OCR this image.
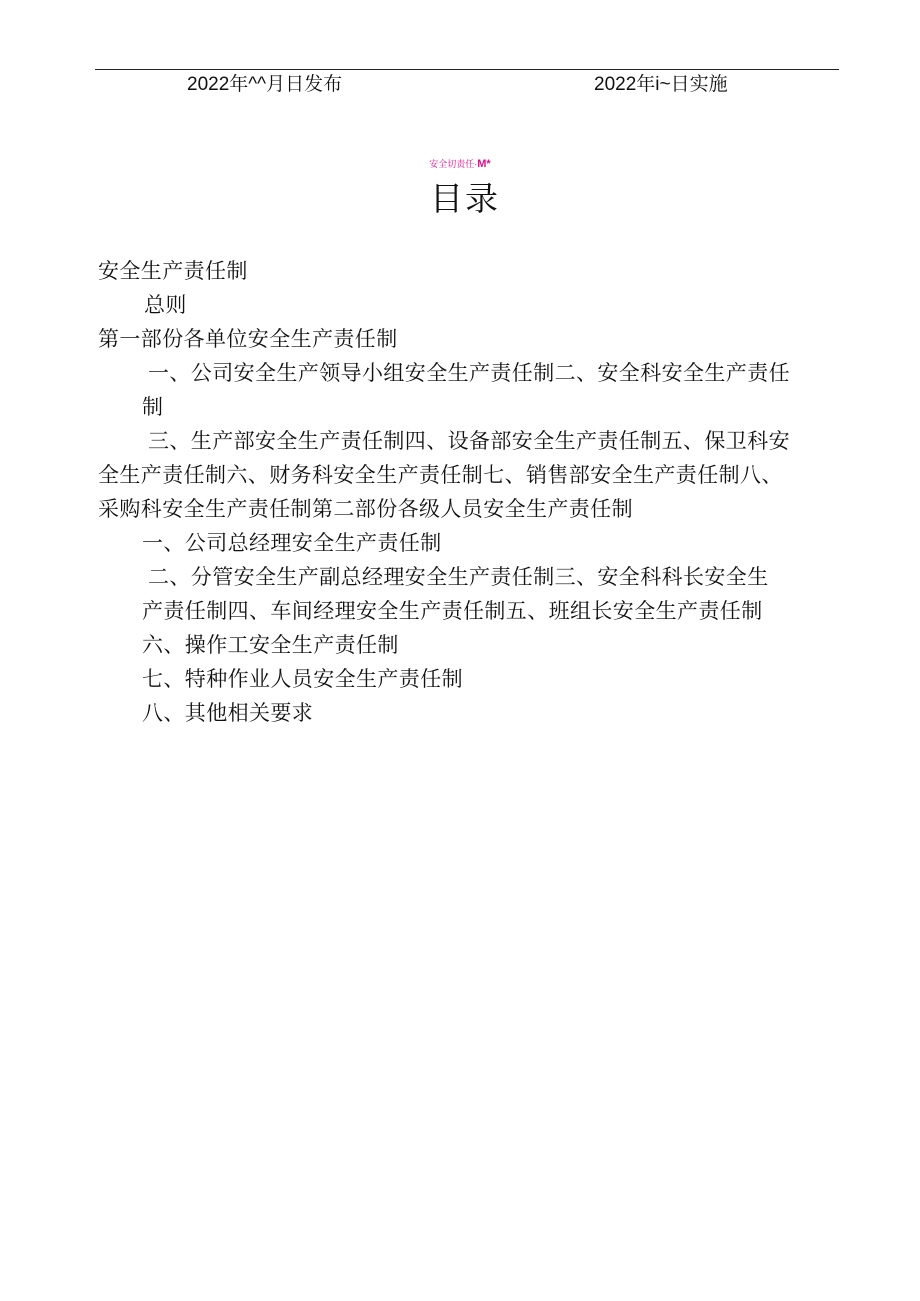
2022年^^月日发布	2022年i~日实施
安全切责任·M*
目录
安全生产责任制
总则
第一部份各单位安全生产责任制
一、公司安全生产领导小组安全生产责任制二、安全科安全生产责任
制
三、生产部安全生产责任制四、设备部安全生产责任制五、保卫科安
全生产责任制六、财务科安全生产责任制七、销售部安全生产责任制八、
采购科安全生产责任制第二部份各级人员安全生产责任制
一、公司总经理安全生产责任制
二、分管安全生产副总经理安全生产责任制三、安全科科长安全生
产责任制四、车间经理安全生产责任制五、班组长安全生产责任制
六、操作工安全生产责任制
七、特种作业人员安全生产责任制
八、其他相关要求
